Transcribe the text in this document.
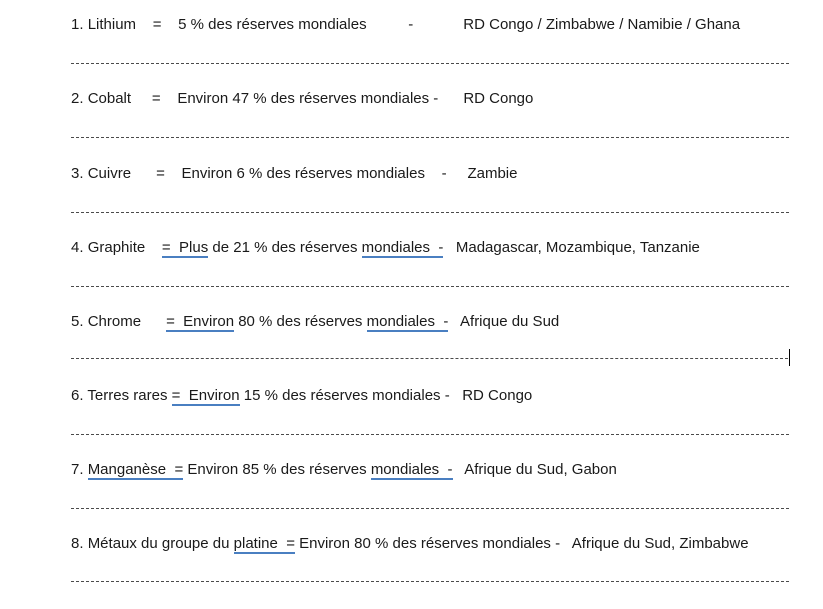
1. Lithium = 5 % des réserves mondiales	-	RD Congo / Zimbabwe / Namibie / Ghana
2. Cobalt = Environ 47 % des réserves mondiales - RD Congo
3. Cuivre = Environ 6 % des réserves mondiales - Zambie
4. Graphite = Plus de 21 % des réserves mondiales - Madagascar, Mozambique, Tanzanie
5. Chrome = Environ 80 % des réserves mondiales - Afrique du Sud
6. Terres rares = Environ 15 % des réserves mondiales - RD Congo
7. Manganèse = Environ 85 % des réserves mondiales - Afrique du Sud, Gabon
8. Métaux du groupe du platine = Environ 80 % des réserves mondiales - Afrique du Sud, Zimbabwe
